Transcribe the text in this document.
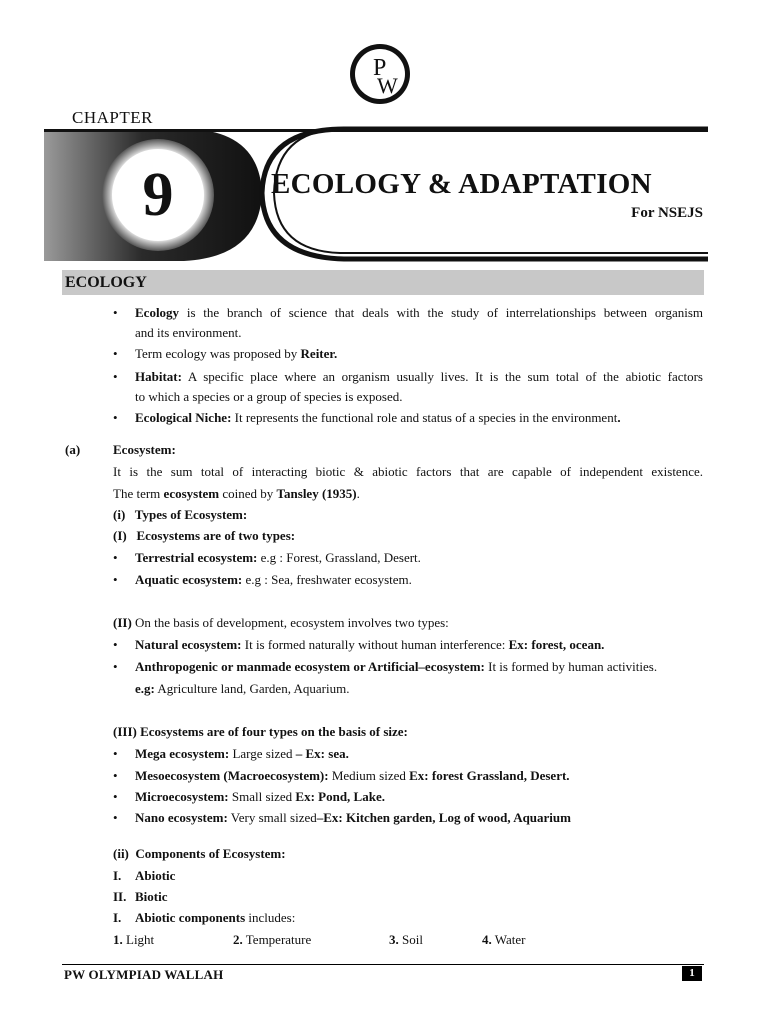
P
W
CHAPTER
9	ECOLOGY & ADAPTATION
For NSEJS
ECOLOGY
• Ecology is the branch of science that deals with the study of interrelationships between organism
and its environment.
• Term ecology was proposed by Reiter.
• Habitat: A specific place where an organism usually lives. It is the sum total of the abiotic factors
to which a species or a group of species is exposed.
• Ecological Niche: It represents the functional role and status of a species in the environment.
(a)	Ecosystem:
It is the sum total of interacting biotic & abiotic factors that are capable of independent existence.
The term ecosystem coined by Tansley (1935).
(i)   Types of Ecosystem:
(I)   Ecosystems are of two types:
• Terrestrial ecosystem: e.g : Forest, Grassland, Desert.
• Aquatic ecosystem: e.g : Sea, freshwater ecosystem.
(II) On the basis of development, ecosystem involves two types:
• Natural ecosystem: It is formed naturally without human interference: Ex: forest, ocean.
• Anthropogenic or manmade ecosystem or Artificial–ecosystem: It is formed by human activities.
e.g: Agriculture land, Garden, Aquarium.
(III) Ecosystems are of four types on the basis of size:
• Mega ecosystem: Large sized – Ex: sea.
• Mesoecosystem (Macroecosystem): Medium sized Ex: forest Grassland, Desert.
• Microecosystem: Small sized Ex: Pond, Lake.
• Nano ecosystem: Very small sized–Ex: Kitchen garden, Log of wood, Aquarium
(ii)  Components of Ecosystem:
I. Abiotic
II. Biotic
I. Abiotic components includes:
1. Light	2. Temperature	3. Soil	4. Water
PW OLYMPIAD WALLAH	1
